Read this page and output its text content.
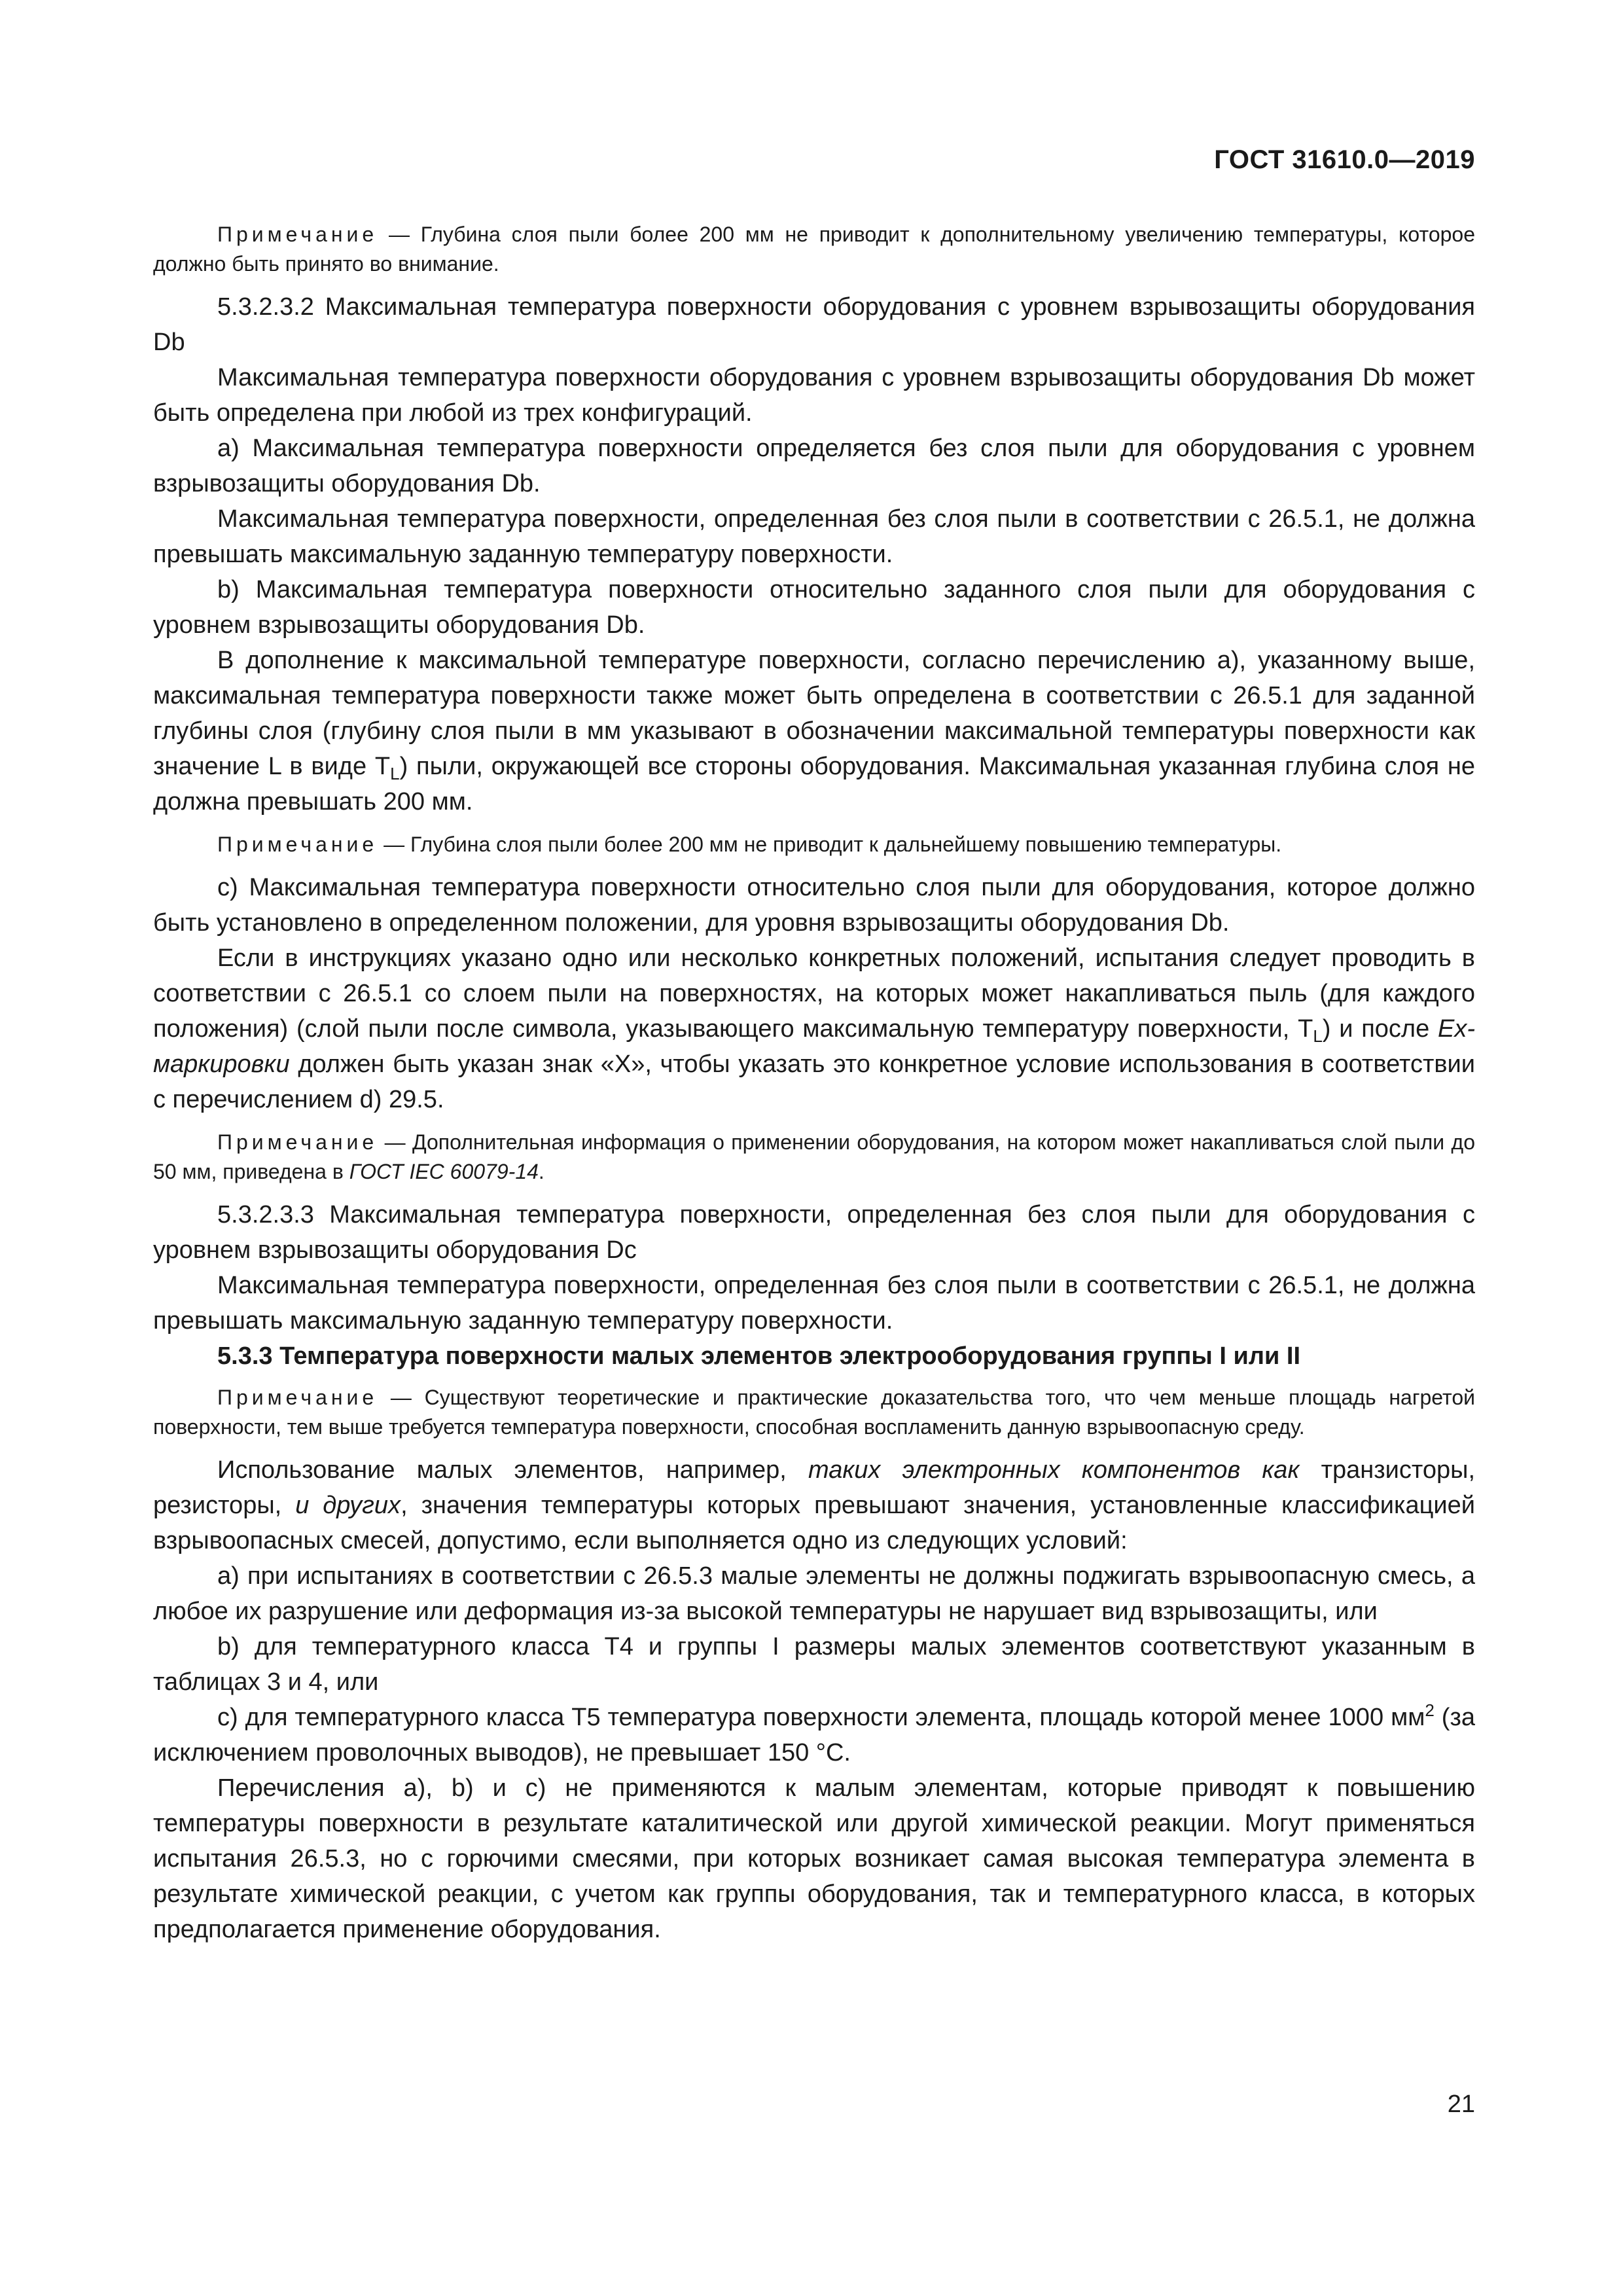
ГОСТ 31610.0—2019

Примечание — Глубина слоя пыли более 200 мм не приводит к дополнительному увеличению температуры, которое должно быть принято во внимание.

5.3.2.3.2 Максимальная температура поверхности оборудования с уровнем взрывозащиты оборудования Db

Максимальная температура поверхности оборудования с уровнем взрывозащиты оборудования Db может быть определена при любой из трех конфигураций.

a) Максимальная температура поверхности определяется без слоя пыли для оборудования с уровнем взрывозащиты оборудования Db.

Максимальная температура поверхности, определенная без слоя пыли в соответствии с 26.5.1, не должна превышать максимальную заданную температуру поверхности.

b) Максимальная температура поверхности относительно заданного слоя пыли для оборудования с уровнем взрывозащиты оборудования Db.

В дополнение к максимальной температуре поверхности, согласно перечислению а), указанному выше, максимальная температура поверхности также может быть определена в соответствии с 26.5.1 для заданной глубины слоя (глубину слоя пыли в мм указывают в обозначении максимальной температуры поверхности как значение L в виде $T_L$) пыли, окружающей все стороны оборудования. Максимальная указанная глубина слоя не должна превышать 200 мм.

Примечание — Глубина слоя пыли более 200 мм не приводит к дальнейшему повышению температуры.

c) Максимальная температура поверхности относительно слоя пыли для оборудования, которое должно быть установлено в определенном положении, для уровня взрывозащиты оборудования Db.

Если в инструкциях указано одно или несколько конкретных положений, испытания следует проводить в соответствии с 26.5.1 со слоем пыли на поверхностях, на которых может накапливаться пыль (для каждого положения) (слой пыли после символа, указывающего максимальную температуру поверхности, $T_L$) и после Ex-маркировки должен быть указан знак «Х», чтобы указать это конкретное условие использования в соответствии с перечислением d) 29.5.

Примечание — Дополнительная информация о применении оборудования, на котором может накапливаться слой пыли до 50 мм, приведена в ГОСТ IEC 60079-14.

5.3.2.3.3 Максимальная температура поверхности, определенная без слоя пыли для оборудования с уровнем взрывозащиты оборудования Dc

Максимальная температура поверхности, определенная без слоя пыли в соответствии с 26.5.1, не должна превышать максимальную заданную температуру поверхности.

5.3.3 Температура поверхности малых элементов электрооборудования группы I или II

Примечание — Существуют теоретические и практические доказательства того, что чем меньше площадь нагретой поверхности, тем выше требуется температура поверхности, способная воспламенить данную взрывоопасную среду.

Использование малых элементов, например, таких электронных компонентов как транзисторы, резисторы, и других, значения температуры которых превышают значения, установленные классификацией взрывоопасных смесей, допустимо, если выполняется одно из следующих условий:

a) при испытаниях в соответствии с 26.5.3 малые элементы не должны поджигать взрывоопасную смесь, а любое их разрушение или деформация из-за высокой температуры не нарушает вид взрывозащиты, или

b) для температурного класса Т4 и группы I размеры малых элементов соответствуют указанным в таблицах 3 и 4, или

c) для температурного класса Т5 температура поверхности элемента, площадь которой менее 1000 $мм^2$ (за исключением проволочных выводов), не превышает 150 °C.

Перечисления a), b) и c) не применяются к малым элементам, которые приводят к повышению температуры поверхности в результате каталитической или другой химической реакции. Могут применяться испытания 26.5.3, но с горючими смесями, при которых возникает самая высокая температура элемента в результате химической реакции, с учетом как группы оборудования, так и температурного класса, в которых предполагается применение оборудования.

21
